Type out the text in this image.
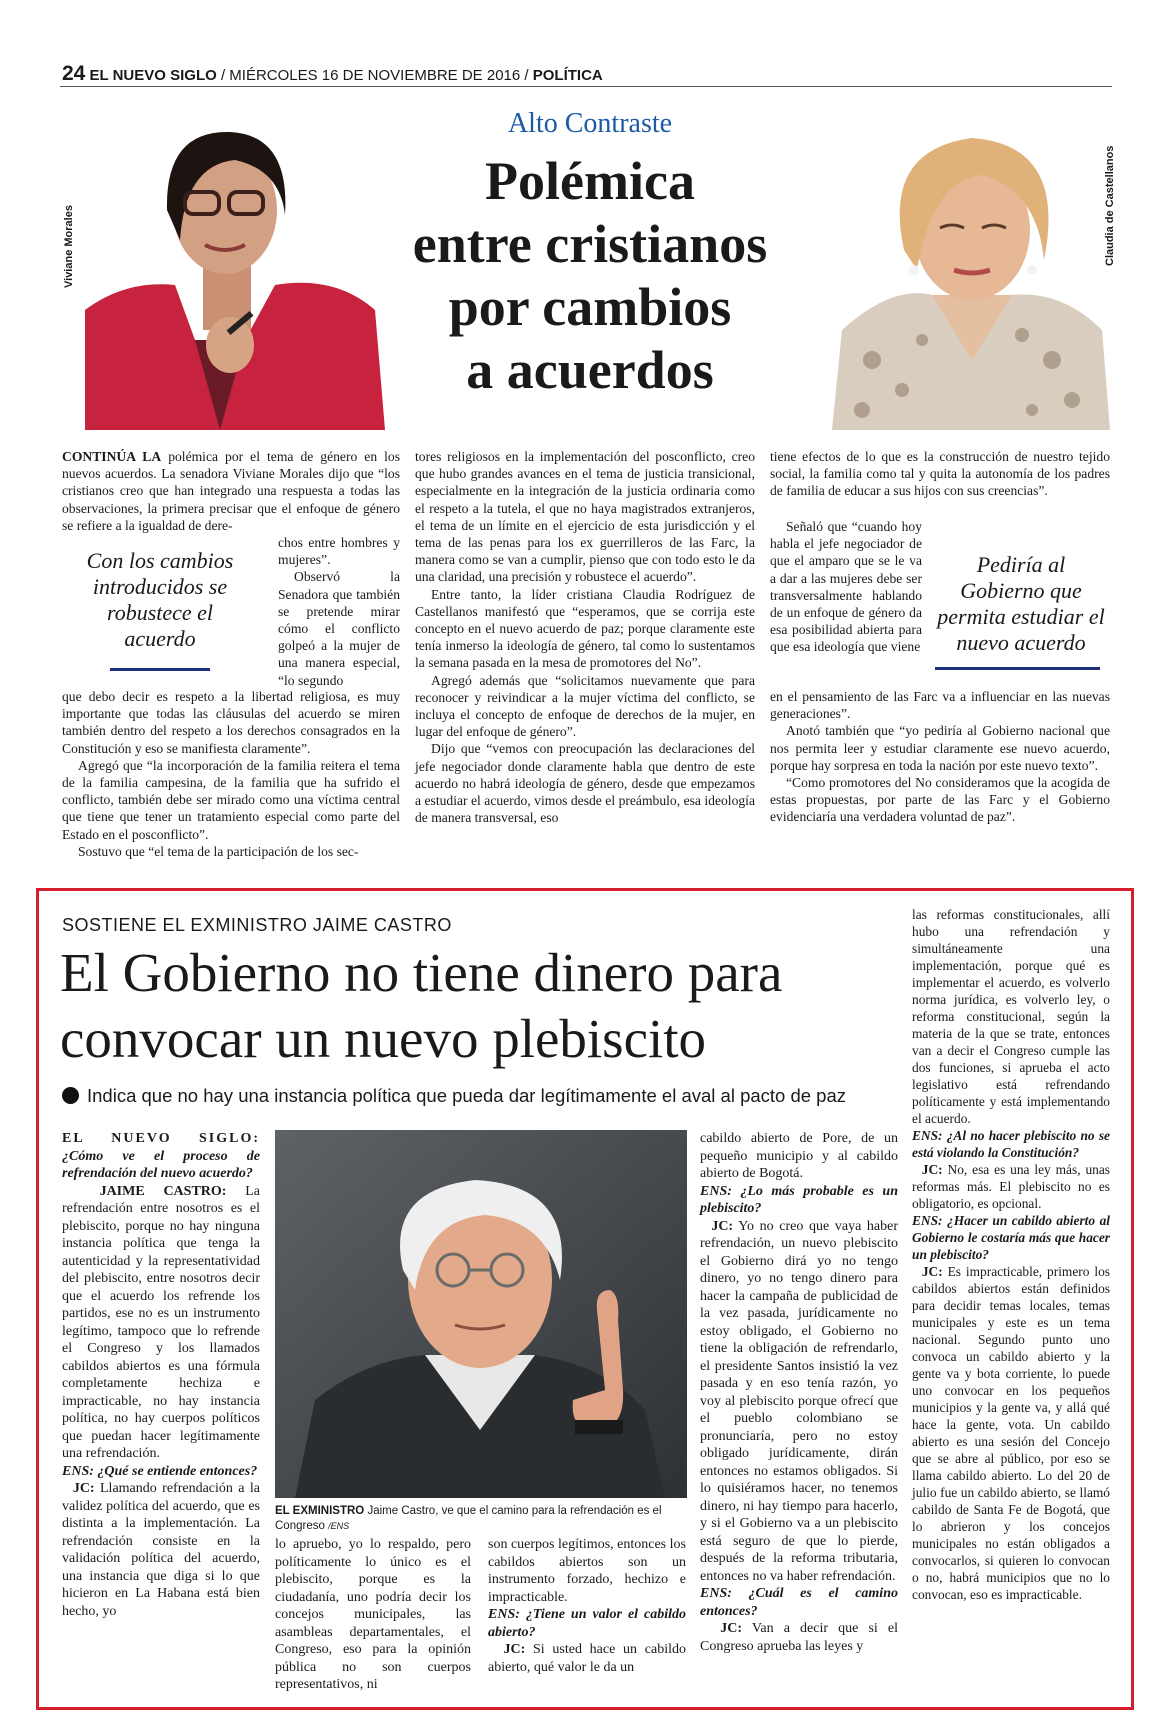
24 EL NUEVO SIGLO / MIÉRCOLES 16 DE NOVIEMBRE DE 2016 / POLÍTICA
Viviane Morales	Claudia de Castellanos
Alto Contraste
Polémica
entre cristianos
por cambios
a acuerdos

CONTINÚA LA polémica por el tema de género en los nuevos acuerdos. La senadora Viviane Morales dijo que “los cristianos creo que han integrado una respuesta a todas las observaciones, la primera precisar que el enfoque de género se refiere a la igualdad de dere-

Con los cambios introducidos se robustece el acuerdo

chos entre hombres y mujeres”.

Observó la Senadora que también se pretende mirar cómo el conflicto golpeó a la mujer de una manera especial, “lo segundo

que debo decir es respeto a la libertad religiosa, es muy importante que todas las cláusulas del acuerdo se miren también dentro del respeto a los derechos consagrados en la Constitución y eso se manifiesta claramente”.

Agregó que “la incorporación de la familia reitera el tema de la familia campesina, de la familia que ha sufrido el conflicto, también debe ser mirado como una víctima central que tiene que tener un tratamiento especial como parte del Estado en el posconflicto”.

Sostuvo que “el tema de la participación de los sec-

tores religiosos en la implementación del posconflicto, creo que hubo grandes avances en el tema de justicia transicional, especialmente en la integración de la justicia ordinaria como el respeto a la tutela, el que no haya magistrados extranjeros, el tema de un límite en el ejercicio de esta jurisdicción y el tema de las penas para los ex guerrilleros de las Farc, la manera como se van a cumplir, pienso que con todo esto le da una claridad, una precisión y robustece el acuerdo”.

Entre tanto, la líder cristiana Claudia Rodríguez de Castellanos manifestó que “esperamos, que se corrija este concepto en el nuevo acuerdo de paz; porque claramente este tenía inmerso la ideología de género, tal como lo sustentamos la semana pasada en la mesa de promotores del No”.

Agregó además que “solicitamos nuevamente que para reconocer y reivindicar a la mujer víctima del conflicto, se incluya el concepto de enfoque de derechos de la mujer, en lugar del enfoque de género”.

Dijo que “vemos con preocupación las declaraciones del jefe negociador donde claramente habla que dentro de este acuerdo no habrá ideología de género, desde que empezamos a estudiar el acuerdo, vimos desde el preámbulo, esa ideología de manera transversal, eso

tiene efectos de lo que es la construcción de nuestro tejido social, la familia como tal y quita la autonomía de los padres de familia de educar a sus hijos con sus creencias”.

Señaló que “cuando hoy habla el jefe negociador de que el amparo que se le va a dar a las mujeres debe ser transversalmente hablando de un enfoque de género da esa posibilidad abierta para que esa ideología que viene

Pediría al Gobierno que permita estudiar el nuevo acuerdo

en el pensamiento de las Farc va a influenciar en las nuevas generaciones”.

Anotó también que “yo pediría al Gobierno nacional que nos permita leer y estudiar claramente ese nuevo acuerdo, porque hay sorpresa en toda la nación por este nuevo texto”.

“Como promotores del No consideramos que la acogida de estas propuestas, por parte de las Farc y el Gobierno evidenciaría una verdadera voluntad de paz”.

SOSTIENE EL EXMINISTRO JAIME CASTRO
El Gobierno no tiene dinero para
convocar un nuevo plebiscito
Indica que no hay una instancia política que pueda dar legítimamente el aval al pacto de paz

EL NUEVO SIGLO: ¿Cómo ve el proceso de refrendación del nuevo acuerdo?

JAIME CASTRO: La refrendación entre nosotros es el plebiscito, porque no hay ninguna instancia política que tenga la autenticidad y la representatividad del plebiscito, entre nosotros decir que el acuerdo los refrende los partidos, ese no es un instrumento legítimo, tampoco que lo refrende el Congreso y los llamados cabildos abiertos es una fórmula completamente hechiza e impracticable, no hay instancia política, no hay cuerpos políticos que puedan hacer legítimamente una refrendación.

ENS: ¿Qué se entiende entonces?

JC: Llamando refrendación a la validez política del acuerdo, que es distinta a la implementación. La refrendación consiste en la validación política del acuerdo, una instancia que diga si lo que hicieron en La Habana está bien hecho, yo

EL EXMINISTRO Jaime Castro, ve que el camino para la refrendación es el Congreso /ENS

lo apruebo, yo lo respaldo, pero políticamente lo único es el plebiscito, porque es la ciudadanía, uno podría decir los concejos municipales, las asambleas departamentales, el Congreso, eso para la opinión pública no son cuerpos representativos, ni

son cuerpos legítimos, entonces los cabildos abiertos son un instrumento forzado, hechizo e impracticable.

ENS: ¿Tiene un valor el cabildo abierto?

JC: Si usted hace un cabildo abierto, qué valor le da un

cabildo abierto de Pore, de un pequeño municipio y al cabildo abierto de Bogotá.

ENS: ¿Lo más probable es un plebiscito?

JC: Yo no creo que vaya haber refrendación, un nuevo plebiscito el Gobierno dirá yo no tengo dinero, yo no tengo dinero para hacer la campaña de publicidad de la vez pasada, jurídicamente no estoy obligado, el Gobierno no tiene la obligación de refrendarlo, el presidente Santos insistió la vez pasada y en eso tenía razón, yo voy al plebiscito porque ofrecí que el pueblo colombiano se pronunciaría, pero no estoy obligado jurídicamente, dirán entonces no estamos obligados. Si lo quisiéramos hacer, no tenemos dinero, ni hay tiempo para hacerlo, y si el Gobierno va a un plebiscito está seguro de que lo pierde, después de la reforma tributaria, entonces no va haber refrendación.

ENS: ¿Cuál es el camino entonces?

JC: Van a decir que si el Congreso aprueba las leyes y

las reformas constitucionales, allí hubo una refrendación y simultáneamente una implementación, porque qué es implementar el acuerdo, es volverlo norma jurídica, es volverlo ley, o reforma constitucional, según la materia de la que se trate, entonces van a decir el Congreso cumple las dos funciones, si aprueba el acto legislativo está refrendando políticamente y está implementando el acuerdo.

ENS: ¿Al no hacer plebiscito no se está violando la Constitución?

JC: No, esa es una ley más, unas reformas más. El plebiscito no es obligatorio, es opcional.

ENS: ¿Hacer un cabildo abierto al Gobierno le costaría más que hacer un plebiscito?

JC: Es impracticable, primero los cabildos abiertos están definidos para decidir temas locales, temas municipales y este es un tema nacional. Segundo punto uno convoca un cabildo abierto y la gente va y bota corriente, lo puede uno convocar en los pequeños municipios y la gente va, y allá qué hace la gente, vota. Un cabildo abierto es una sesión del Concejo que se abre al público, por eso se llama cabildo abierto. Lo del 20 de julio fue un cabildo abierto, se llamó cabildo de Santa Fe de Bogotá, que lo abrieron y los concejos municipales no están obligados a convocarlos, si quieren lo convocan o no, habrá municipios que no lo convocan, eso es impracticable.
